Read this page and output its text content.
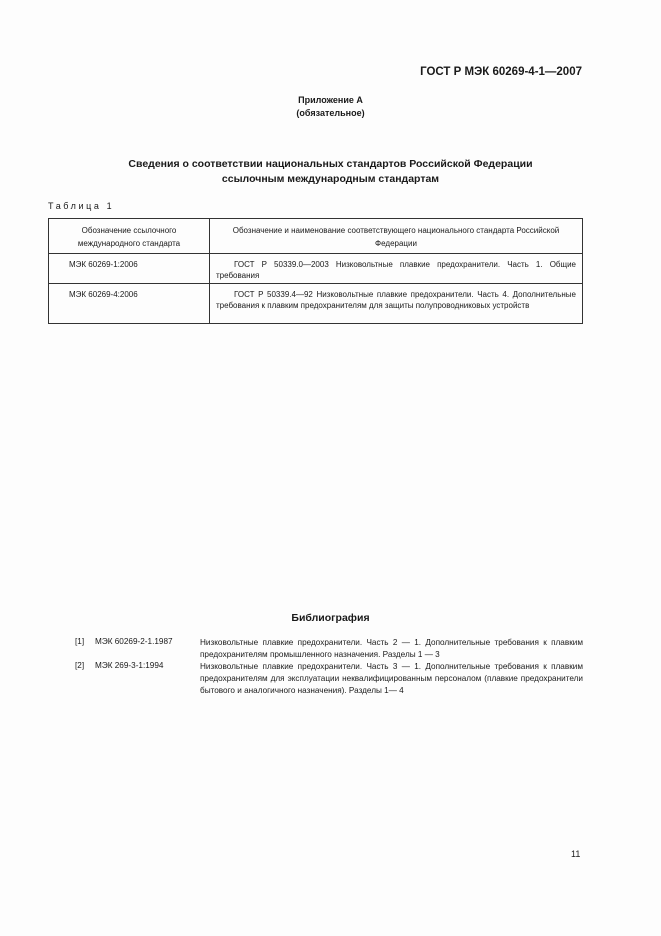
ГОСТ Р МЭК 60269-4-1—2007
Приложение А
(обязательное)
Сведения о соответствии национальных стандартов Российской Федерации
ссылочным международным стандартам
Таблица 1
Обозначение ссылочного международного стандарта	Обозначение и наименование соответствующего национального стандарта Российской Федерации
МЭК 60269-1:2006	ГОСТ Р 50339.0—2003 Низковольтные плавкие предохранители. Часть 1. Общие требования
МЭК 60269-4:2006	ГОСТ Р 50339.4—92 Низковольтные плавкие предохранители. Часть 4. Дополнительные требования к плавким предохранителям для защиты полупроводниковых устройств
Библиография
[1] МЭК 60269-2-1.1987	Низковольтные плавкие предохранители. Часть 2 — 1. Дополнительные требования к плавким предохранителям промышленного назначения. Разделы 1 — 3
[2] МЭК 269-3-1:1994	Низковольтные плавкие предохранители. Часть 3 — 1. Дополнительные требования к плавким предохранителям для эксплуатации неквалифицированным персоналом (плавкие предохранители бытового и аналогичного назначения). Разделы 1— 4
11
